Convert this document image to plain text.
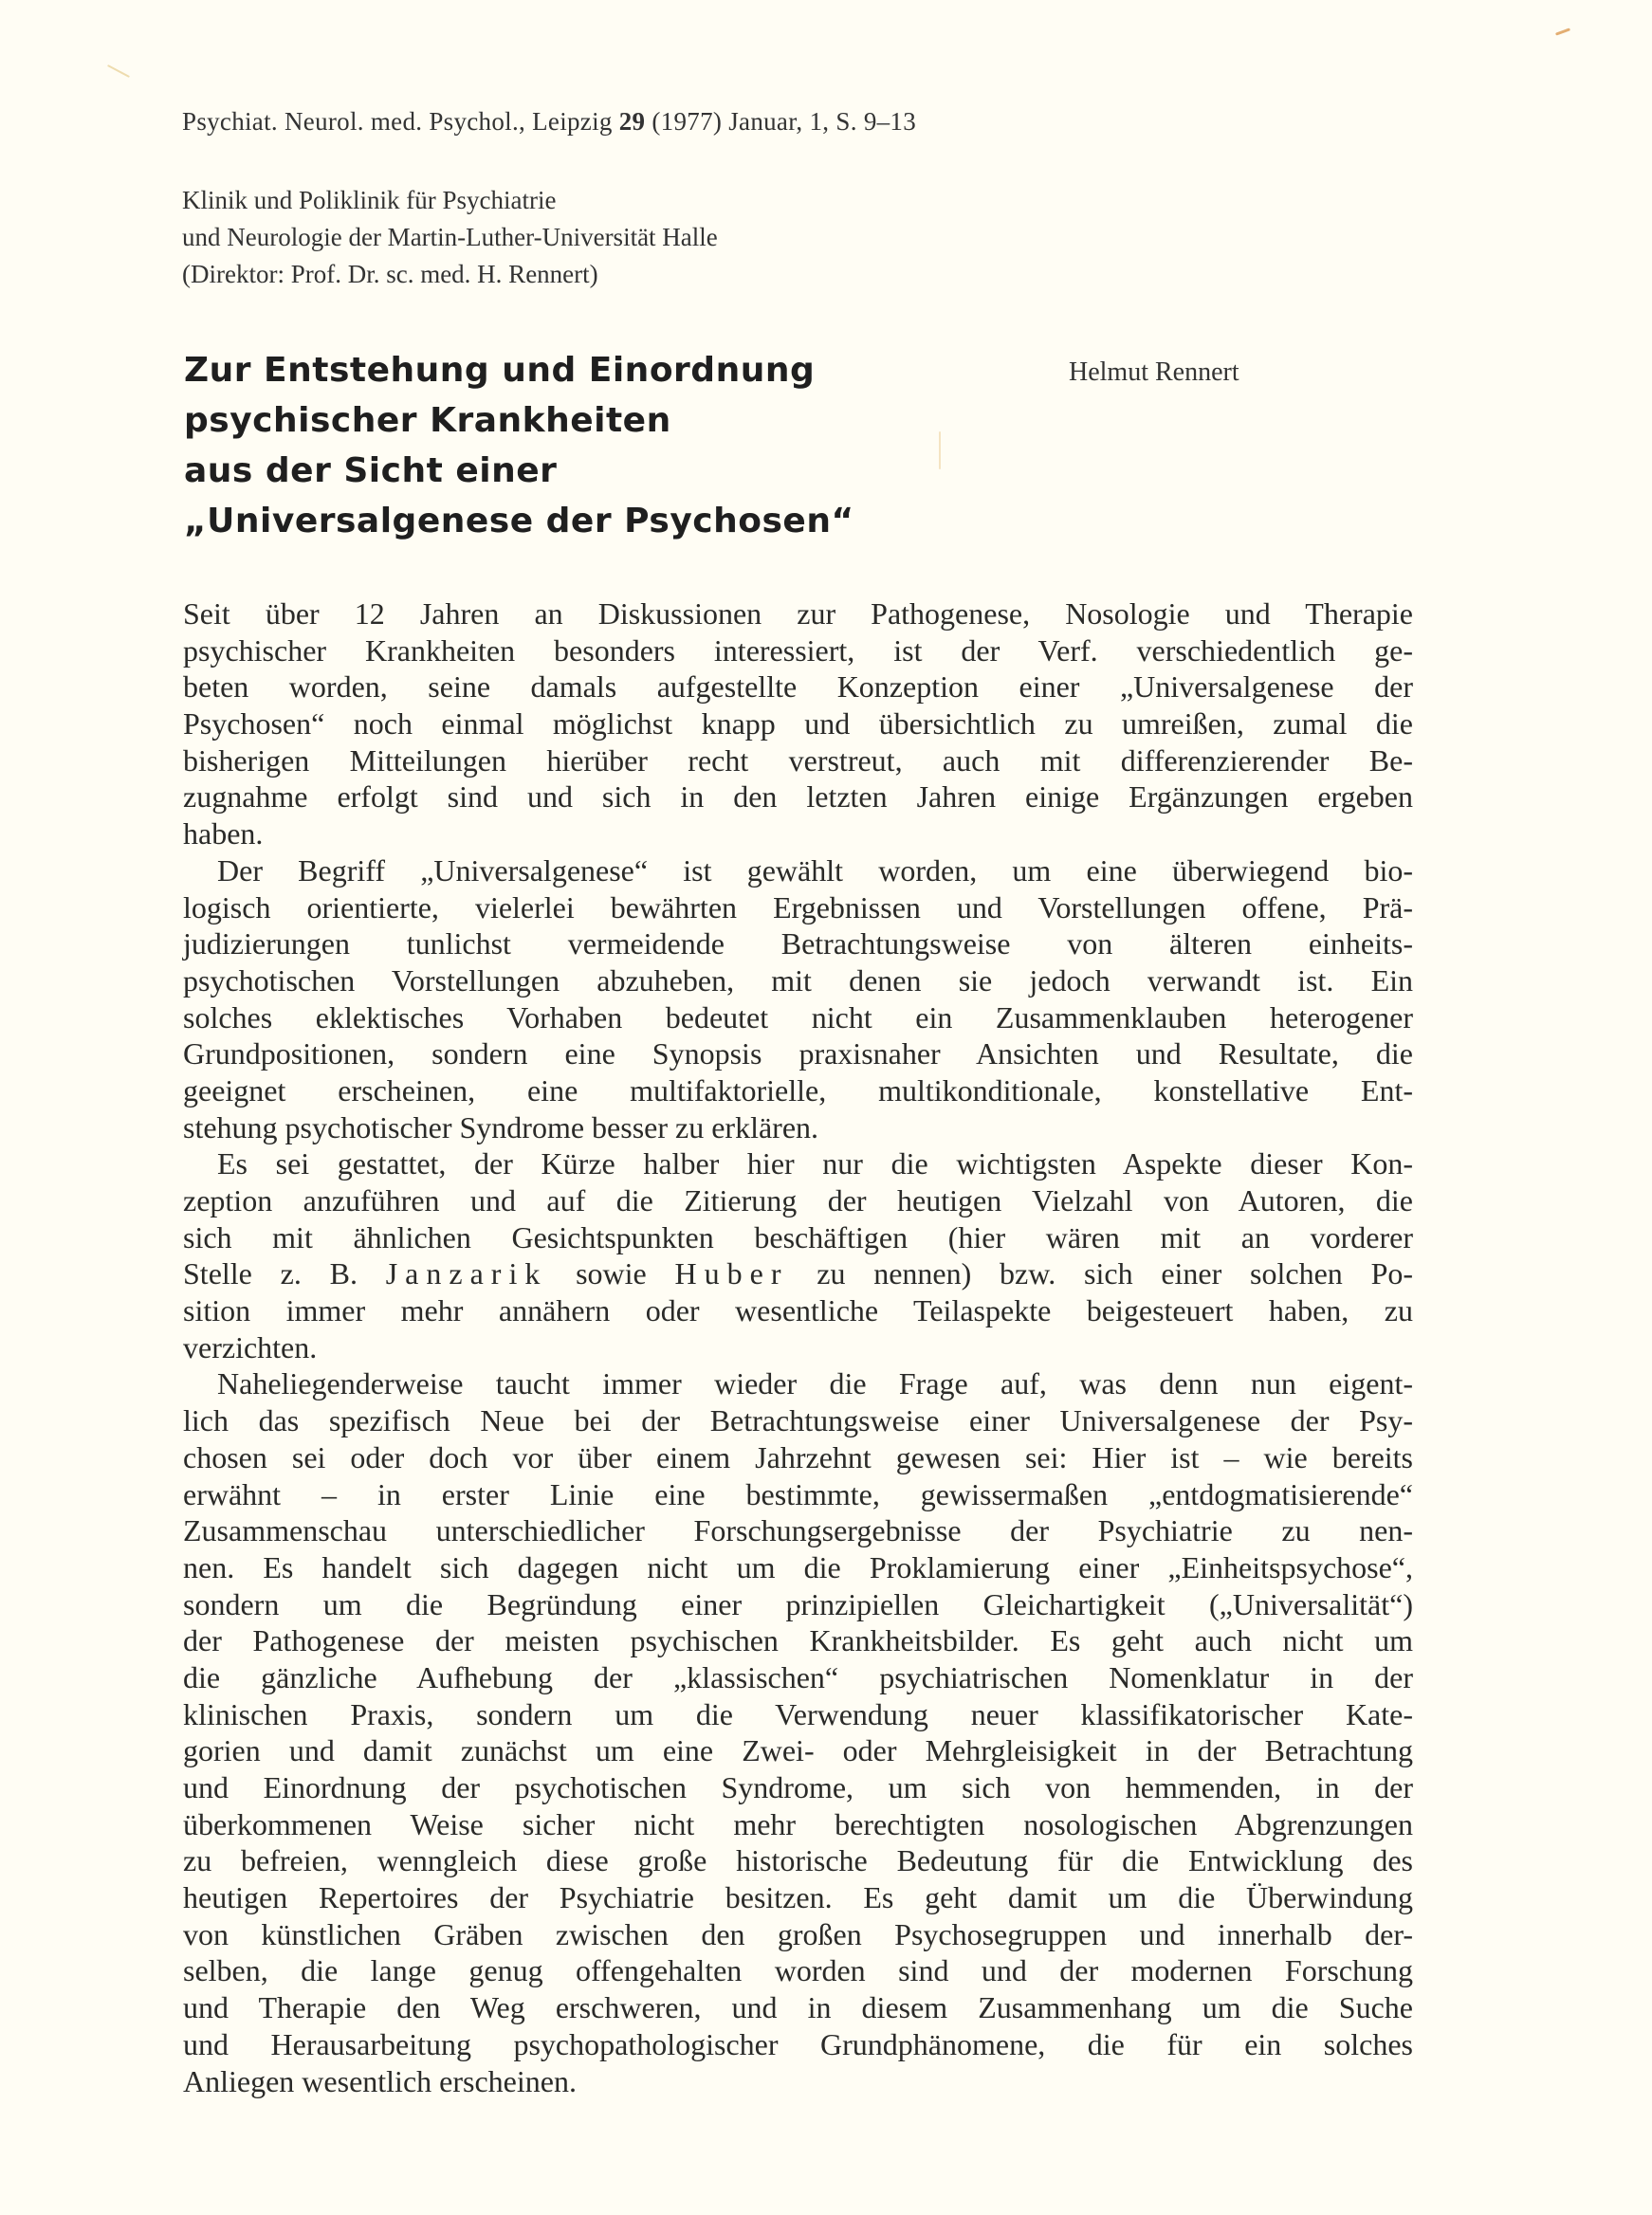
Psychiat. Neurol. med. Psychol., Leipzig 29 (1977) Januar, 1, S. 9–13
Klinik und Poliklinik für Psychiatrie
und Neurologie der Martin-Luther-Universität Halle
(Direktor: Prof. Dr. sc. med. H. Rennert)
Zur Entstehung und Einordnung
psychischer Krankheiten
aus der Sicht einer
„Universalgenese der Psychosen“
Helmut Rennert
Seit über 12 Jahren an Diskussionen zur Pathogenese, Nosologie und Therapie
psychischer Krankheiten besonders interessiert, ist der Verf. verschiedentlich ge-
beten worden, seine damals aufgestellte Konzeption einer „Universalgenese der
Psychosen“ noch einmal möglichst knapp und übersichtlich zu umreißen, zumal die
bisherigen Mitteilungen hierüber recht verstreut, auch mit differenzierender Be-
zugnahme erfolgt sind und sich in den letzten Jahren einige Ergänzungen ergeben
haben.
Der Begriff „Universalgenese“ ist gewählt worden, um eine überwiegend bio-
logisch orientierte, vielerlei bewährten Ergebnissen und Vorstellungen offene, Prä-
judizierungen tunlichst vermeidende Betrachtungsweise von älteren einheits-
psychotischen Vorstellungen abzuheben, mit denen sie jedoch verwandt ist. Ein
solches eklektisches Vorhaben bedeutet nicht ein Zusammenklauben heterogener
Grundpositionen, sondern eine Synopsis praxisnaher Ansichten und Resultate, die
geeignet erscheinen, eine multifaktorielle, multikonditionale, konstellative Ent-
stehung psychotischer Syndrome besser zu erklären.
Es sei gestattet, der Kürze halber hier nur die wichtigsten Aspekte dieser Kon-
zeption anzuführen und auf die Zitierung der heutigen Vielzahl von Autoren, die
sich mit ähnlichen Gesichtspunkten beschäftigen (hier wären mit an vorderer
Stelle z. B. Janzarik sowie Huber zu nennen) bzw. sich einer solchen Po-
sition immer mehr annähern oder wesentliche Teilaspekte beigesteuert haben, zu
verzichten.
Naheliegenderweise taucht immer wieder die Frage auf, was denn nun eigent-
lich das spezifisch Neue bei der Betrachtungsweise einer Universalgenese der Psy-
chosen sei oder doch vor über einem Jahrzehnt gewesen sei: Hier ist – wie bereits
erwähnt – in erster Linie eine bestimmte, gewissermaßen „entdogmatisierende“
Zusammenschau unterschiedlicher Forschungsergebnisse der Psychiatrie zu nen-
nen. Es handelt sich dagegen nicht um die Proklamierung einer „Einheitspsychose“,
sondern um die Begründung einer prinzipiellen Gleichartigkeit („Universalität“)
der Pathogenese der meisten psychischen Krankheitsbilder. Es geht auch nicht um
die gänzliche Aufhebung der „klassischen“ psychiatrischen Nomenklatur in der
klinischen Praxis, sondern um die Verwendung neuer klassifikatorischer Kate-
gorien und damit zunächst um eine Zwei- oder Mehrgleisigkeit in der Betrachtung
und Einordnung der psychotischen Syndrome, um sich von hemmenden, in der
überkommenen Weise sicher nicht mehr berechtigten nosologischen Abgrenzungen
zu befreien, wenngleich diese große historische Bedeutung für die Entwicklung des
heutigen Repertoires der Psychiatrie besitzen. Es geht damit um die Überwindung
von künstlichen Gräben zwischen den großen Psychosegruppen und innerhalb der-
selben, die lange genug offengehalten worden sind und der modernen Forschung
und Therapie den Weg erschweren, und in diesem Zusammenhang um die Suche
und Herausarbeitung psychopathologischer Grundphänomene, die für ein solches
Anliegen wesentlich erscheinen.
